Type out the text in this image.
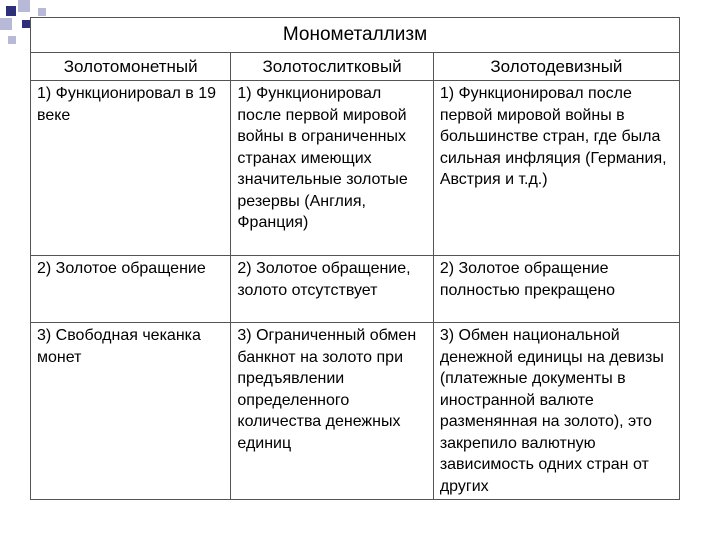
Монометаллизм		
Золотомонетный	Золотослитковый	Золотодевизный
1) Функционировал в 19 веке	1) Функционировал после первой мировой войны в ограниченных странах имеющих значительные золотые резервы (Англия, Франция)	1) Функционировал после первой мировой войны в большинстве стран, где была сильная инфляция (Германия, Австрия и т.д.)
2) Золотое обращение	2) Золотое обращение, золото отсутствует	2) Золотое обращение полностью прекращено
3) Свободная чеканка монет	3) Ограниченный обмен банкнот на золото при предъявлении определенного количества денежных единиц	3) Обмен национальной денежной единицы на девизы (платежные документы в иностранной валюте разменянная на золото), это закрепило валютную зависимость одних стран от других
